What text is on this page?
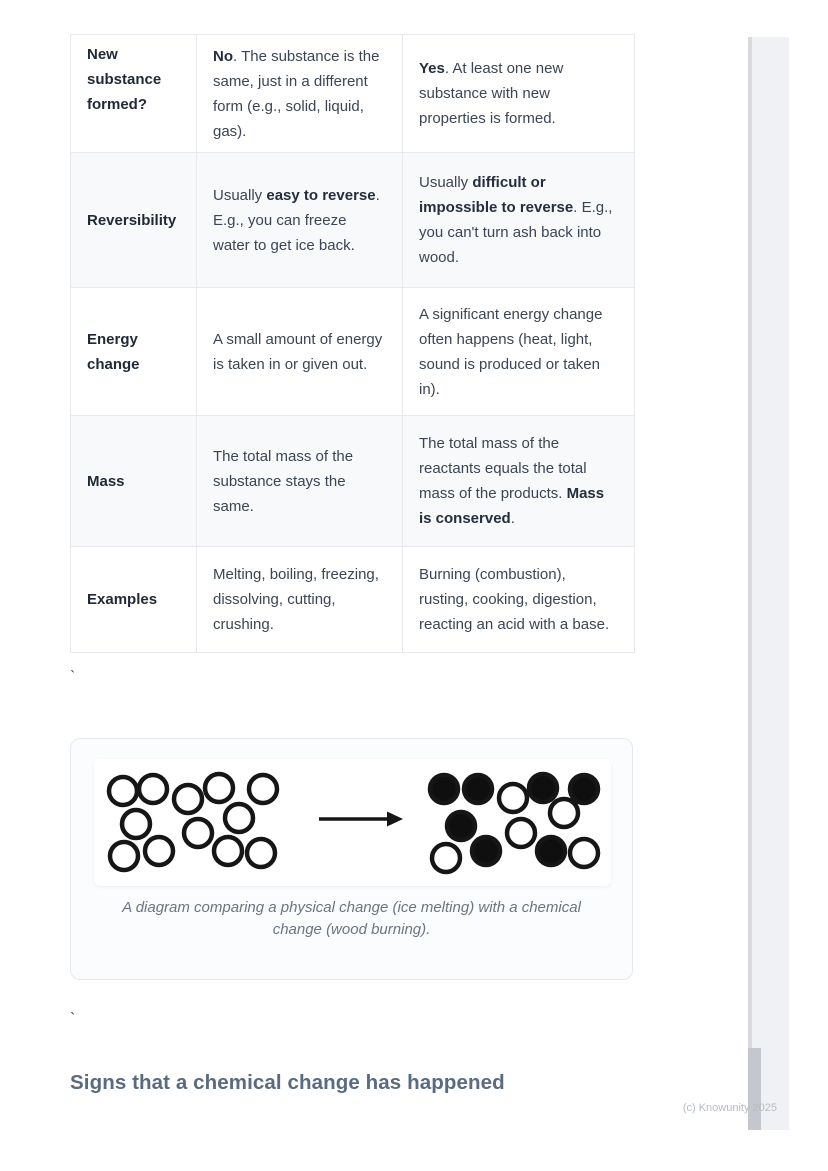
New substance formed?
No. The substance is the same, just in a different form (e.g., solid, liquid, gas).
Yes. At least one new substance with new properties is formed.
Reversibility
Usually easy to reverse. E.g., you can freeze water to get ice back.
Usually difficult or impossible to reverse. E.g., you can't turn ash back into wood.
Energy change
A small amount of energy is taken in or given out.
A significant energy change often happens (heat, light, sound is produced or taken in).
Mass
The total mass of the substance stays the same.
The total mass of the reactants equals the total mass of the products. Mass is conserved.
Examples
Melting, boiling, freezing, dissolving, cutting, crushing.
Burning (combustion), rusting, cooking, digestion, reacting an acid with a base.
`
A diagram comparing a physical change (ice melting) with a chemical change (wood burning).
`
Signs that a chemical change has happened
(c) Knowunity 2025
